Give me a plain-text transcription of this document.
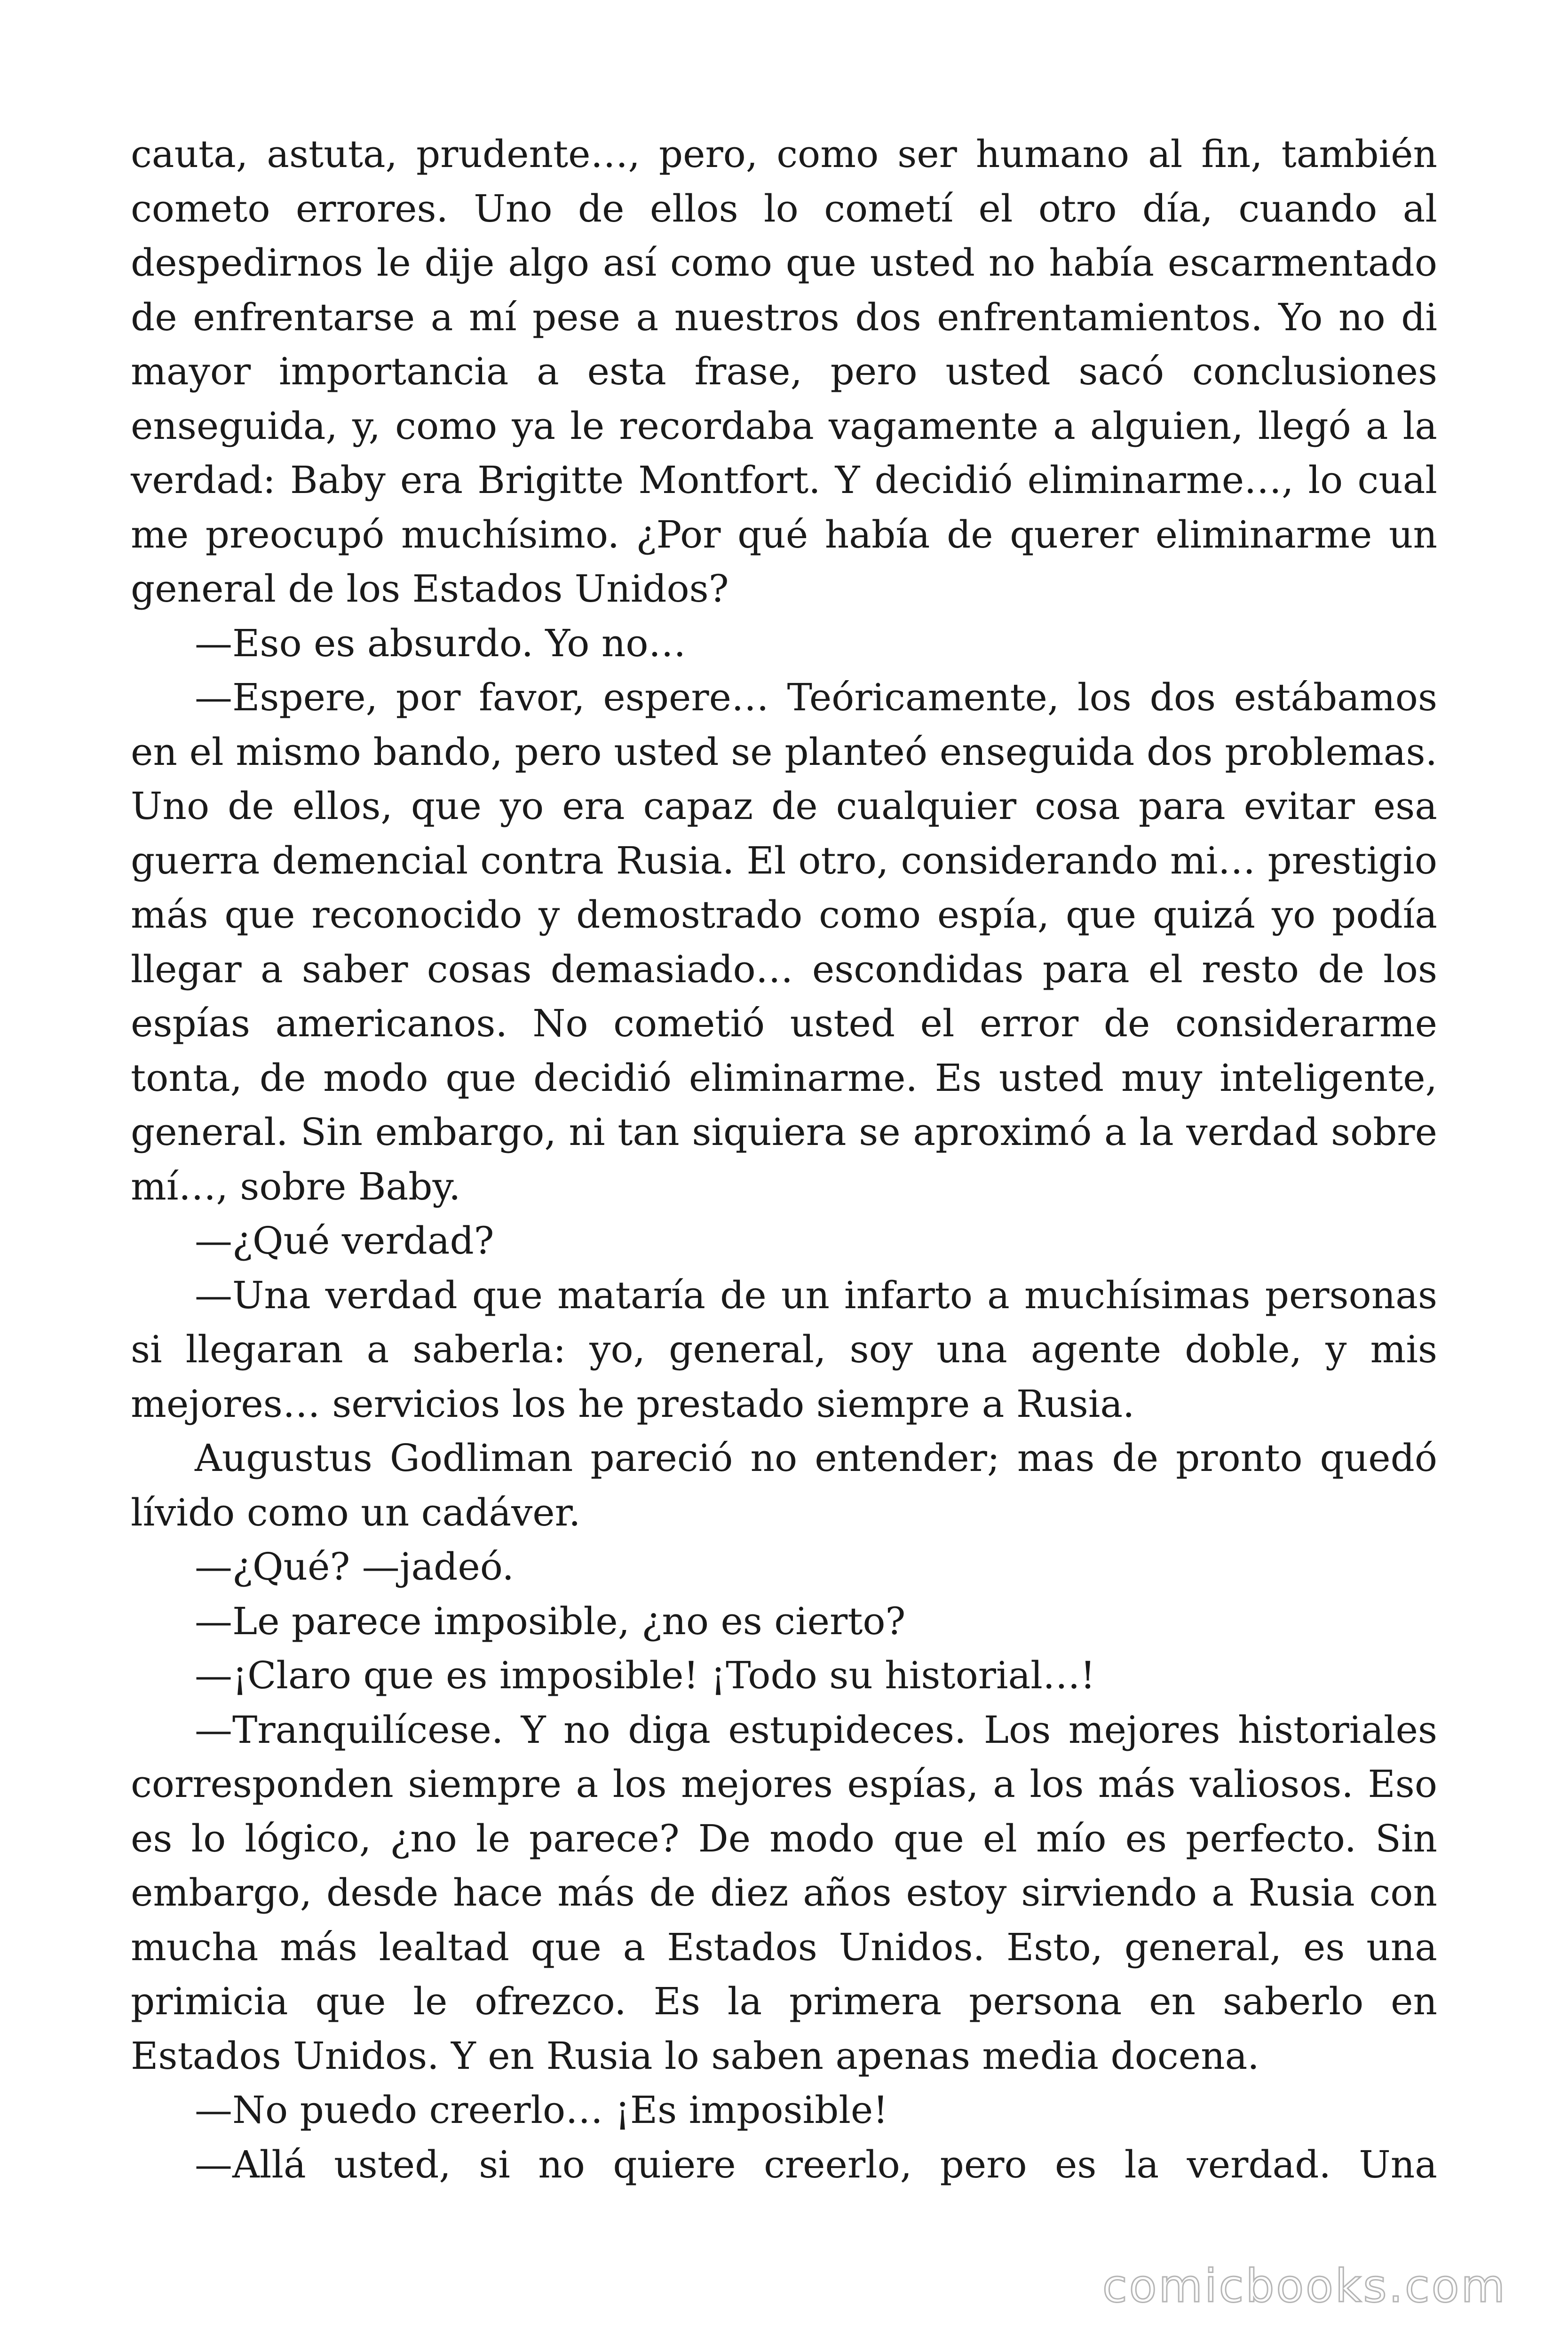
cauta, astuta, prudente…, pero, como ser humano al fin, también cometo errores. Uno de ellos lo cometí el otro día, cuando al despedirnos le dije algo así como que usted no había escarmentado de enfrentarse a mí pese a nuestros dos enfrentamientos. Yo no di mayor importancia a esta frase, pero usted sacó conclusiones enseguida, y, como ya le recordaba vagamente a alguien, llegó a la verdad: Baby era Brigitte Montfort. Y decidió eliminarme…, lo cual me preocupó muchísimo. ¿Por qué había de querer eliminarme un general de los Estados Unidos?

—Eso es absurdo. Yo no…

—Espere, por favor, espere… Teóricamente, los dos estábamos en el mismo bando, pero usted se planteó enseguida dos problemas. Uno de ellos, que yo era capaz de cualquier cosa para evitar esa guerra demencial contra Rusia. El otro, considerando mi… prestigio más que reconocido y demostrado como espía, que quizá yo podía llegar a saber cosas demasiado… escondidas para el resto de los espías americanos. No cometió usted el error de considerarme tonta, de modo que decidió eliminarme. Es usted muy inteligente, general. Sin embargo, ni tan siquiera se aproximó a la verdad sobre mí…, sobre Baby.

—¿Qué verdad?

—Una verdad que mataría de un infarto a muchísimas personas si llegaran a saberla: yo, general, soy una agente doble, y mis mejores… servicios los he prestado siempre a Rusia.

Augustus Godliman pareció no entender; mas de pronto quedó lívido como un cadáver.

—¿Qué? —jadeó.

—Le parece imposible, ¿no es cierto?

—¡Claro que es imposible! ¡Todo su historial…!

—Tranquilícese. Y no diga estupideces. Los mejores historiales corresponden siempre a los mejores espías, a los más valiosos. Eso es lo lógico, ¿no le parece? De modo que el mío es perfecto. Sin embargo, desde hace más de diez años estoy sirviendo a Rusia con mucha más lealtad que a Estados Unidos. Esto, general, es una primicia que le ofrezco. Es la primera persona en saberlo en Estados Unidos. Y en Rusia lo saben apenas media docena.

—No puedo creerlo… ¡Es imposible!

—Allá usted, si no quiere creerlo, pero es la verdad. Una

comicbooks.com
